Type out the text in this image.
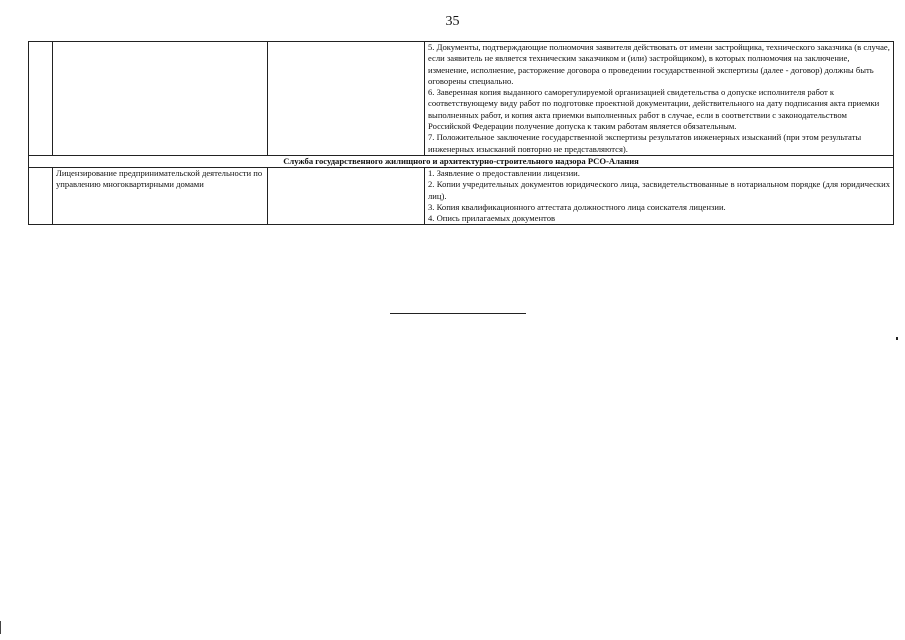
35

			5. Документы, подтверждающие полномочия заявителя действовать от имени застройщика, технического заказчика (в случае, если заявитель не является техническим заказчиком и (или) застройщиком), в которых полномочия на заключение, изменение, исполнение, расторжение договора о проведении государственной экспертизы (далее - договор) должны быть оговорены специально.

6. Заверенная копия выданного саморегулируемой организацией свидетельства о допуске исполнителя работ к соответствующему виду работ по подготовке проектной документации, действительного на дату подписания акта приемки выполненных работ, и копия акта приемки выполненных работ в случае, если в соответствии с законодательством Российской Федерации получение допуска к таким работам является обязательным.

7. Положительное заключение государственной экспертизы результатов инженерных изысканий (при этом результаты инженерных изысканий повторно не представляются).

Служба государственного жилищного и архитектурно-строительного надзора РСО-Алания			
	Лицензирование предпринимательской деятельности по управлению многоквартирными домами		1. Заявление о предоставлении лицензии.

2. Копии учредительных документов юридического лица, засвидетельствованные в нотариальном порядке (для юридических лиц).

3. Копия квалификационного аттестата должностного лица соискателя лицензии.

4. Опись прилагаемых документов
